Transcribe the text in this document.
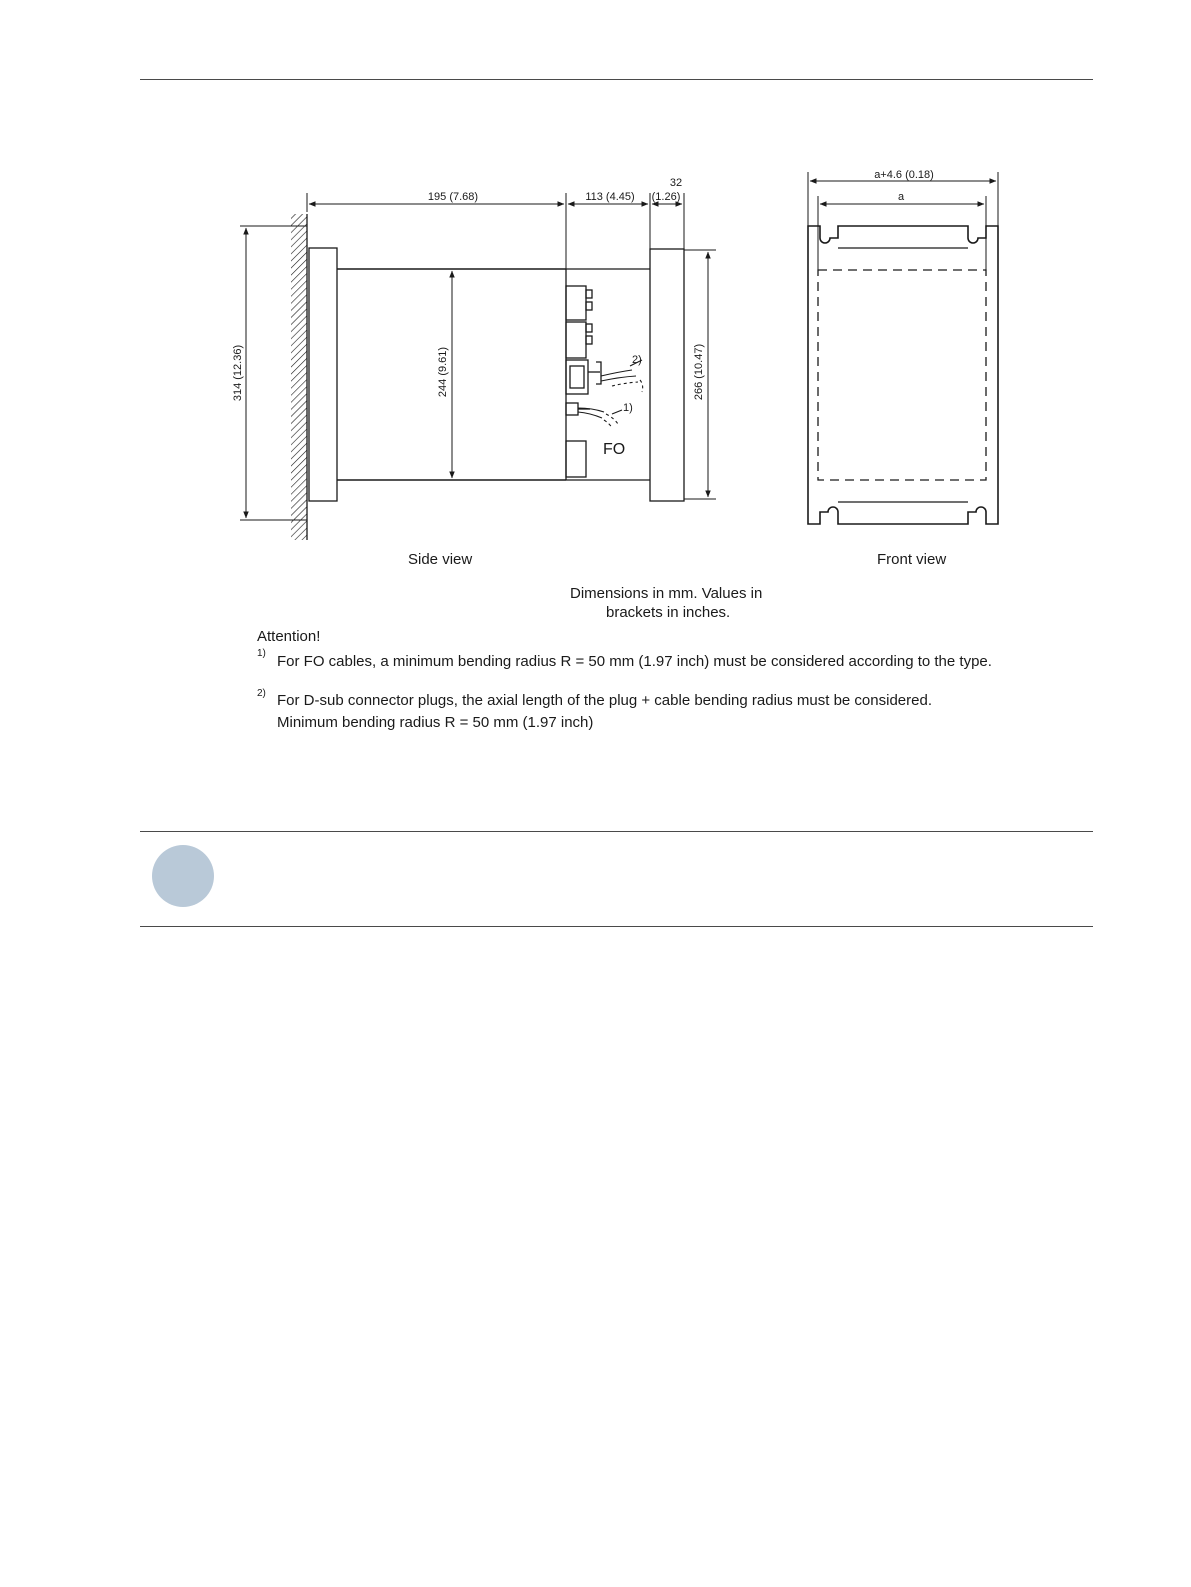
195 (7.68)	113 (4.45)
32
(1.26)
314 (12.36)	244 (9.61)	266 (10.47)
2)
1)
FO
a+4.6 (0.18)
a
Side view	Front view
Dimensions in mm. Values in
brackets in inches.
Attention!
1) For FO cables, a minimum bending radius R = 50 mm (1.97 inch) must be considered according to the type.
2) For D-sub connector plugs, the axial length of the plug + cable bending radius must be considered.
Minimum bending radius R = 50 mm (1.97 inch)
